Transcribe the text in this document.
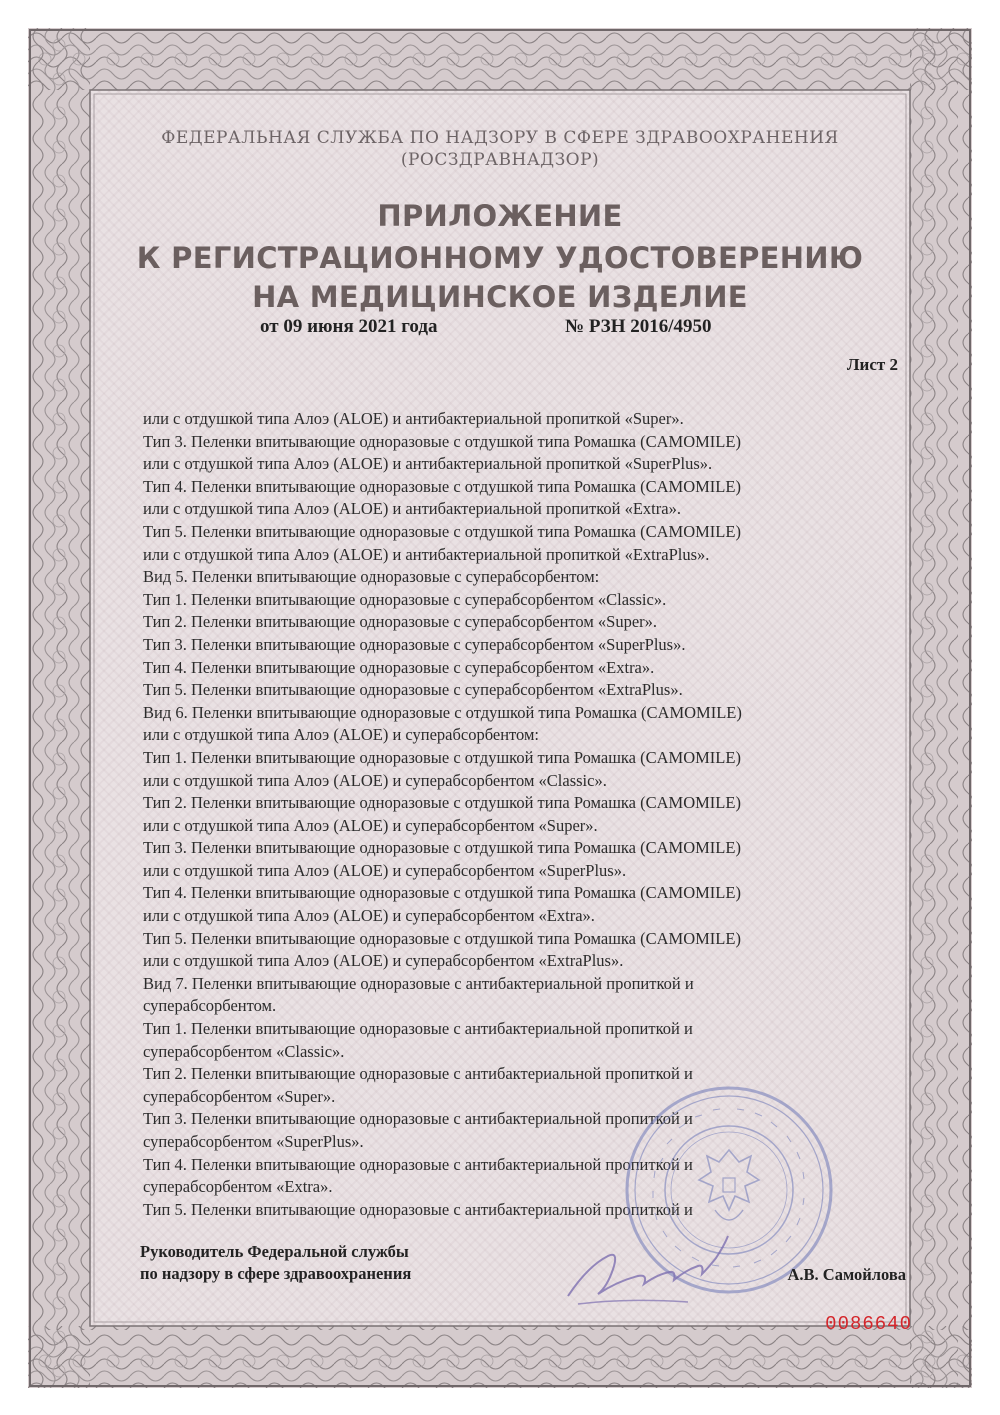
ФЕДЕРАЛЬНАЯ СЛУЖБА ПО НАДЗОРУ В СФЕРЕ ЗДРАВООХРАНЕНИЯ

(РОСЗДРАВНАДЗОР)

ПРИЛОЖЕНИЕ

К РЕГИСТРАЦИОННОМУ УДОСТОВЕРЕНИЮ

НА МЕДИЦИНСКОЕ ИЗДЕЛИЕ

от 09 июня 2021 года	№ РЗН 2016/4950

Лист 2

или с отдушкой типа Алоэ (ALOE) и антибактериальной пропиткой «Super».

Тип 3. Пеленки впитывающие одноразовые с отдушкой типа Ромашка (CAMOMILE)

или с отдушкой типа Алоэ (ALOE) и антибактериальной пропиткой «SuperPlus».

Тип 4. Пеленки впитывающие одноразовые с отдушкой типа Ромашка (CAMOMILE)

или с отдушкой типа Алоэ (ALOE) и антибактериальной пропиткой «Extra».

Тип 5. Пеленки впитывающие одноразовые с отдушкой типа Ромашка (CAMOMILE)

или с отдушкой типа Алоэ (ALOE) и антибактериальной пропиткой «ExtraPlus».

Вид 5. Пеленки впитывающие одноразовые с суперабсорбентом:

Тип 1. Пеленки впитывающие одноразовые с суперабсорбентом «Classic».

Тип 2. Пеленки впитывающие одноразовые с суперабсорбентом «Super».

Тип 3. Пеленки впитывающие одноразовые с суперабсорбентом «SuperPlus».

Тип 4. Пеленки впитывающие одноразовые с суперабсорбентом «Extra».

Тип 5. Пеленки впитывающие одноразовые с суперабсорбентом «ExtraPlus».

Вид 6. Пеленки впитывающие одноразовые с отдушкой типа Ромашка (CAMOMILE)

или с отдушкой типа Алоэ (ALOE) и суперабсорбентом:

Тип 1. Пеленки впитывающие одноразовые с отдушкой типа Ромашка (CAMOMILE)

или с отдушкой типа Алоэ (ALOE) и суперабсорбентом «Classic».

Тип 2. Пеленки впитывающие одноразовые с отдушкой типа Ромашка (CAMOMILE)

или с отдушкой типа Алоэ (ALOE) и суперабсорбентом «Super».

Тип 3. Пеленки впитывающие одноразовые с отдушкой типа Ромашка (CAMOMILE)

или с отдушкой типа Алоэ (ALOE) и суперабсорбентом «SuperPlus».

Тип 4. Пеленки впитывающие одноразовые с отдушкой типа Ромашка (CAMOMILE)

или с отдушкой типа Алоэ (ALOE) и суперабсорбентом «Extra».

Тип 5. Пеленки впитывающие одноразовые с отдушкой типа Ромашка (CAMOMILE)

или с отдушкой типа Алоэ (ALOE) и суперабсорбентом «ExtraPlus».

Вид 7. Пеленки впитывающие одноразовые с антибактериальной пропиткой и

суперабсорбентом.

Тип 1. Пеленки впитывающие одноразовые с антибактериальной пропиткой и

суперабсорбентом «Classic».

Тип 2. Пеленки впитывающие одноразовые с антибактериальной пропиткой и

суперабсорбентом «Super».

Тип 3. Пеленки впитывающие одноразовые с антибактериальной пропиткой и

суперабсорбентом «SuperPlus».

Тип 4. Пеленки впитывающие одноразовые с антибактериальной пропиткой и

суперабсорбентом «Extra».

Тип 5. Пеленки впитывающие одноразовые с антибактериальной пропиткой и

Руководитель Федеральной службы

по надзору в сфере здравоохранения	А.В. Самойлова

0086640
